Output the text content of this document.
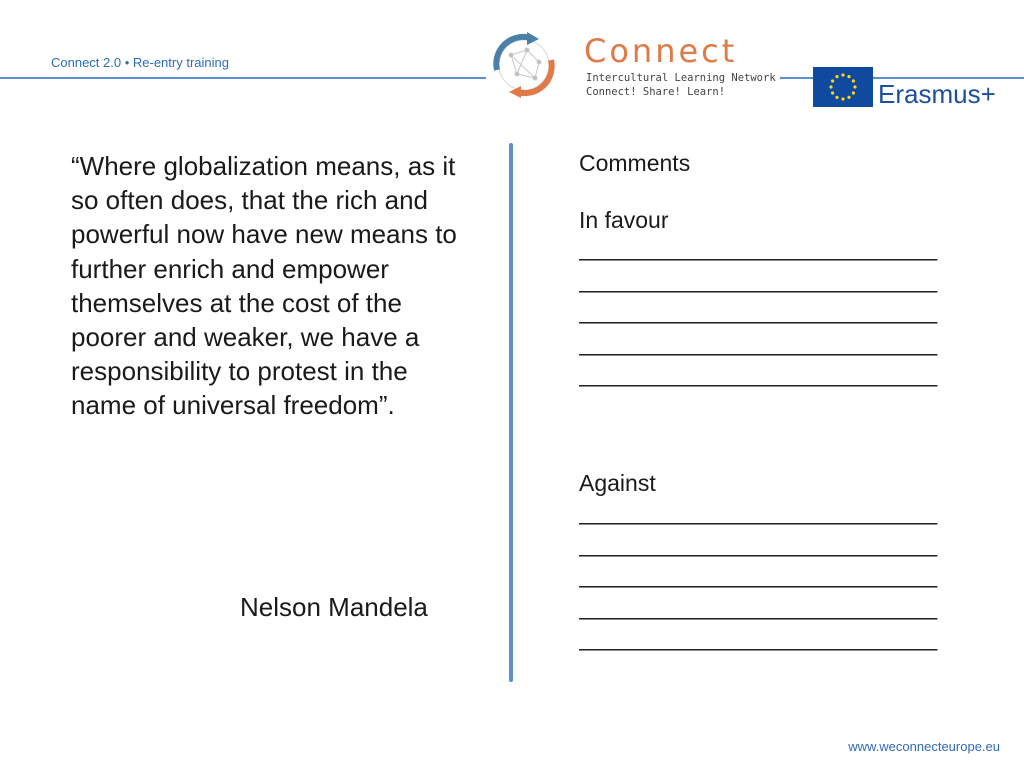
Connect 2.0 • Re-entry training	Connect
Intercultural Learning Network
Connect! Share! Learn!	Erasmus+
“Where globalization means, as it so often does, that the rich and powerful now have new means to further enrich and empower themselves at the cost of the poorer and weaker, we have a responsibility to protest in the name of universal freedom”.
Nelson Mandela
Comments
In favour
____________________________
____________________________
____________________________
____________________________
____________________________
Against
____________________________
____________________________
____________________________
____________________________
____________________________
www.weconnecteurope.eu
